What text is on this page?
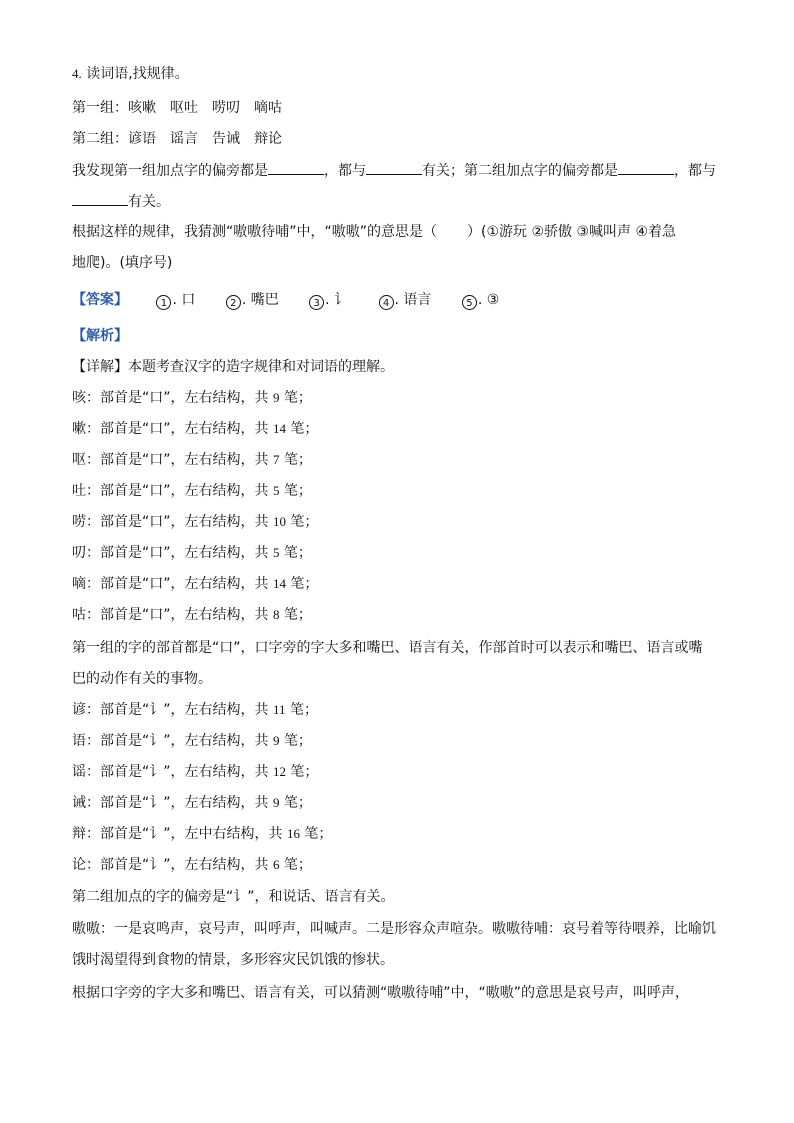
4. 读词语,找规律。
第一组：咳嗽　呕吐　唠叨　嘀咕
第二组：谚语　谣言　告诫　辩论
我发现第一组加点字的偏旁都是	，都与	有关；第二组加点字的偏旁都是	，都与
有关。
根据这样的规律，我猜测“嗷嗷待哺”中，“嗷嗷”的意思是（ ）(①游玩 ②骄傲 ③喊叫声 ④着急
地爬)。(填序号)
【答案】	1 . 口	2 . 嘴巴	3 . 讠	4 . 语言	5 . ③
【解析】
【详解】本题考查汉字的造字规律和对词语的理解。
咳：部首是“口”，左右结构，共 9 笔；
嗽：部首是“口”，左右结构，共 14 笔；
呕：部首是“口”，左右结构，共 7 笔；
吐：部首是“口”，左右结构，共 5 笔；
唠：部首是“口”，左右结构，共 10 笔；
叨：部首是“口”，左右结构，共 5 笔；
嘀：部首是“口”，左右结构，共 14 笔；
咕：部首是“口”，左右结构，共 8 笔；
第一组的字的部首都是“口”，口字旁的字大多和嘴巴、语言有关，作部首时可以表示和嘴巴、语言或嘴
巴的动作有关的事物。
谚：部首是“讠”，左右结构，共 11 笔；
语：部首是“讠”，左右结构，共 9 笔；
谣：部首是“讠”，左右结构，共 12 笔；
诫：部首是“讠”，左右结构，共 9 笔；
辩：部首是“讠”，左中右结构，共 16 笔；
论：部首是“讠”，左右结构，共 6 笔；
第二组加点的字的偏旁是“讠”，和说话、语言有关。
嗷嗷：一是哀鸣声，哀号声，叫呼声，叫喊声。二是形容众声喧杂。嗷嗷待哺：哀号着等待喂养，比喻饥
饿时渴望得到食物的情景，多形容灾民饥饿的惨状。
根据口字旁的字大多和嘴巴、语言有关，可以猜测“嗷嗷待哺”中，“嗷嗷”的意思是哀号声，叫呼声，
